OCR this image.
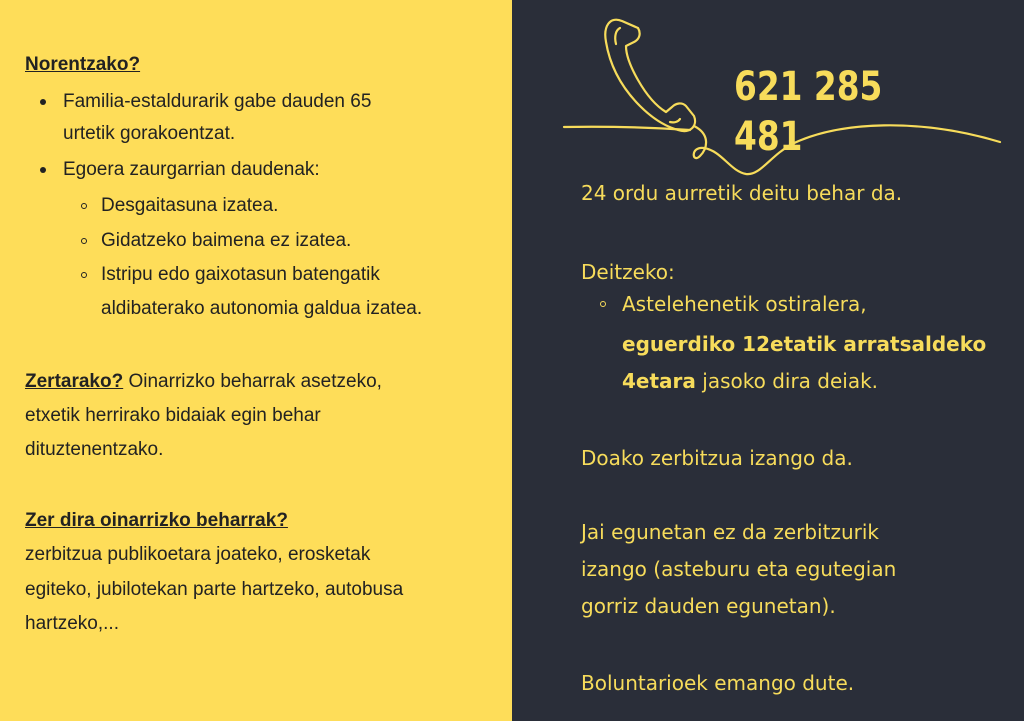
Norentzako?
Familia-estaldurarik gabe dauden 65
urtetik gorakoentzat.
Egoera zaurgarrian daudenak:
Desgaitasuna izatea.
Gidatzeko baimena ez izatea.
Istripu edo gaixotasun batengatik
aldibaterako autonomia galdua izatea.
Zertarako? Oinarrizko beharrak asetzeko,
etxetik herrirako bidaiak egin behar
dituztenentzako.
Zer dira oinarrizko beharrak?
zerbitzua publikoetara joateko, erosketak
egiteko, jubilotekan parte hartzeko, autobusa
hartzeko,...
621 285 481
24 ordu aurretik deitu behar da.
Deitzeko:
Astelehenetik ostiralera,
eguerdiko 12etatik arratsaldeko
4etara jasoko dira deiak.
Doako zerbitzua izango da.
Jai egunetan ez da zerbitzurik
izango (asteburu eta egutegian
gorriz dauden egunetan).
Boluntarioek emango dute.
